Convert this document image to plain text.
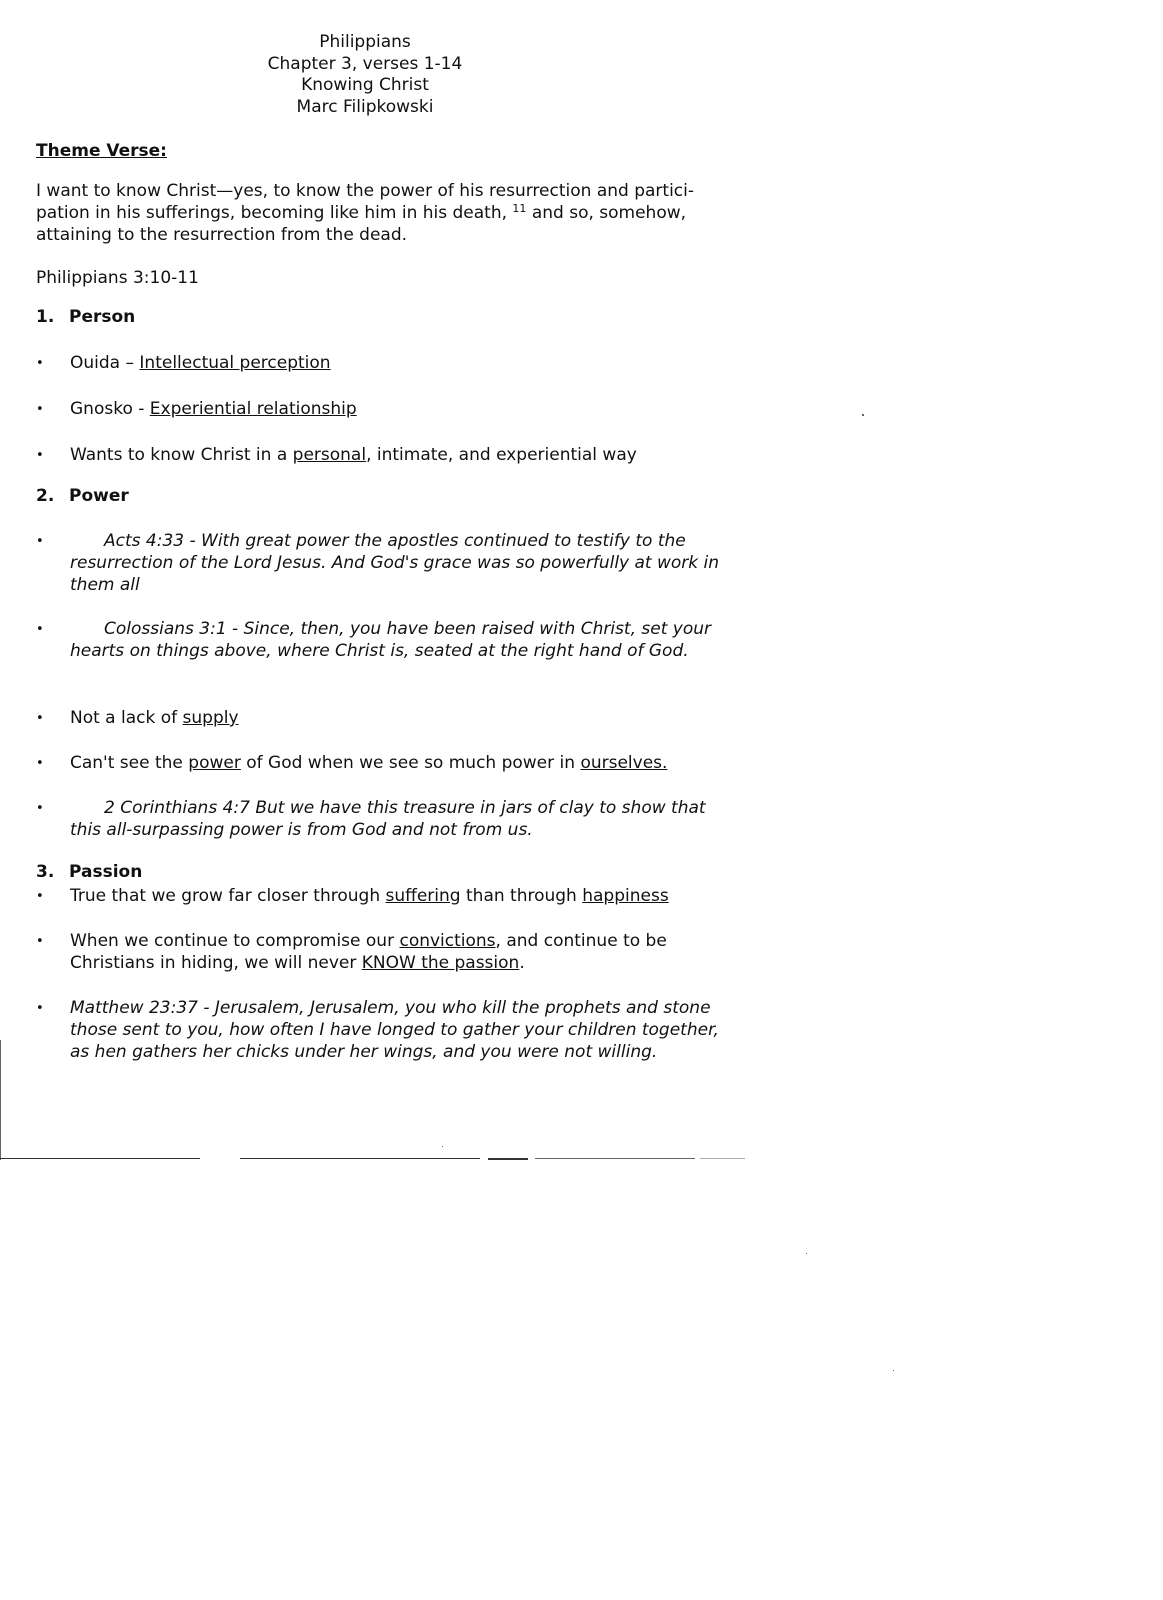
Philippians
Chapter 3, verses 1-14
Knowing Christ
Marc Filipkowski
Theme Verse:
I want to know Christ—yes, to know the power of his resurrection and partici-pation in his sufferings, becoming like him in his death, $^{11}$ and so, somehow, attaining to the resurrection from the dead.
Philippians 3:10-11
1. Person
•	Ouida – Intellectual perception
•	Gnosko - Experiential relationship
•	Wants to know Christ in a personal, intimate, and experiential way
2. Power
•	Acts 4:33 - With great power the apostles continued to testify to the resurrection of the Lord Jesus. And God's grace was so powerfully at work in them all
•	Colossians 3:1 - Since, then, you have been raised with Christ, set your hearts on things above, where Christ is, seated at the right hand of God.
•	Not a lack of supply
•	Can't see the power of God when we see so much power in ourselves.
•	2 Corinthians 4:7 But we have this treasure in jars of clay to show that this all-surpassing power is from God and not from us.
3. Passion
•	True that we grow far closer through suffering than through happiness
•	When we continue to compromise our convictions, and continue to be Christians in hiding, we will never KNOW the passion.
•	Matthew 23:37 - Jerusalem, Jerusalem, you who kill the prophets and stone those sent to you, how often I have longed to gather your children together, as hen gathers her chicks under her wings, and you were not willing.
